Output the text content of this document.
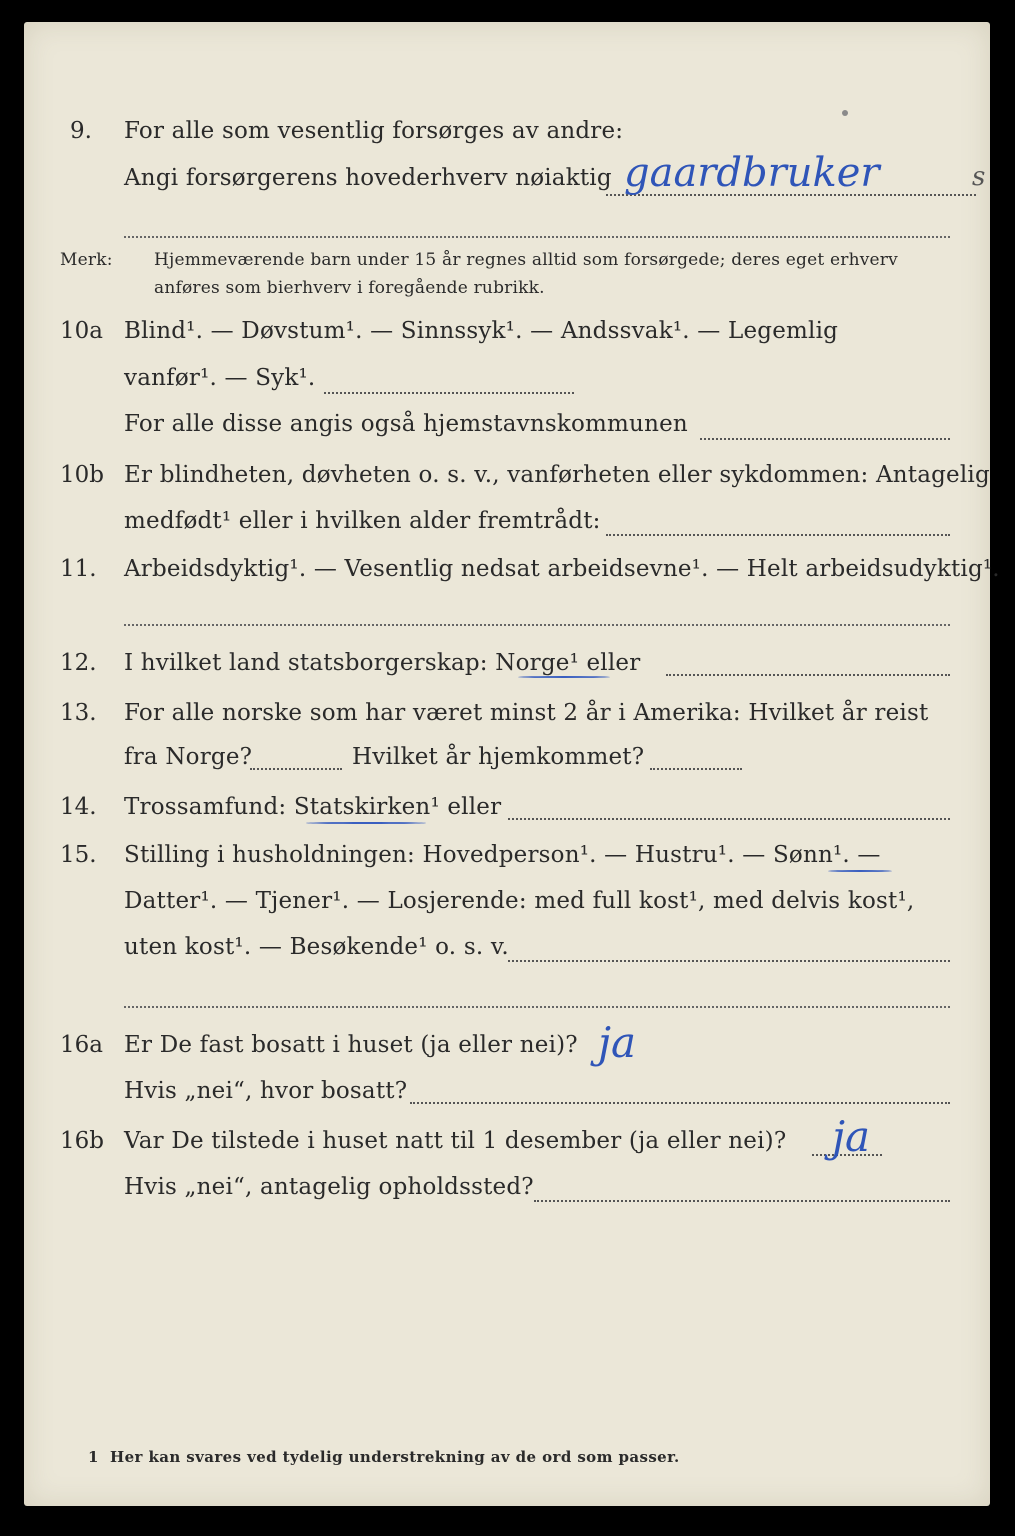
9. For alle som vesentlig forsørges av andre:
Angi forsørgerens hovederhverv nøiaktig gaardbruker	s
Merk: Hjemmeværende barn under 15 år regnes alltid som forsørgede; deres eget erhverv
anføres som bierhverv i foregående rubrikk.
10a Blind¹. — Døvstum¹. — Sinnssyk¹. — Andssvak¹. — Legemlig
vanfør¹. — Syk¹.
For alle disse angis også hjemstavnskommunen
10b Er blindheten, døvheten o. s. v., vanførheten eller sykdommen: Antagelig
medfødt¹ eller i hvilken alder fremtrådt:
11. Arbeidsdyktig¹. — Vesentlig nedsat arbeidsevne¹. — Helt arbeidsudyktig¹.
12. I hvilket land statsborgerskap: Norge¹ eller
13. For alle norske som har været minst 2 år i Amerika: Hvilket år reist
fra Norge?	Hvilket år hjemkommet?
14. Trossamfund: Statskirken¹ eller
15. Stilling i husholdningen: Hovedperson¹. — Hustru¹. — Sønn¹. —
Datter¹. — Tjener¹. — Losjerende: med full kost¹, med delvis kost¹,
uten kost¹. — Besøkende¹ o. s. v.
16a Er De fast bosatt i huset (ja eller nei)? ja
Hvis „nei“, hvor bosatt?
16b Var De tilstede i huset natt til 1 desember (ja eller nei)? ja
Hvis „nei“, antagelig opholdssted?
1 Her kan svares ved tydelig understrekning av de ord som passer.
